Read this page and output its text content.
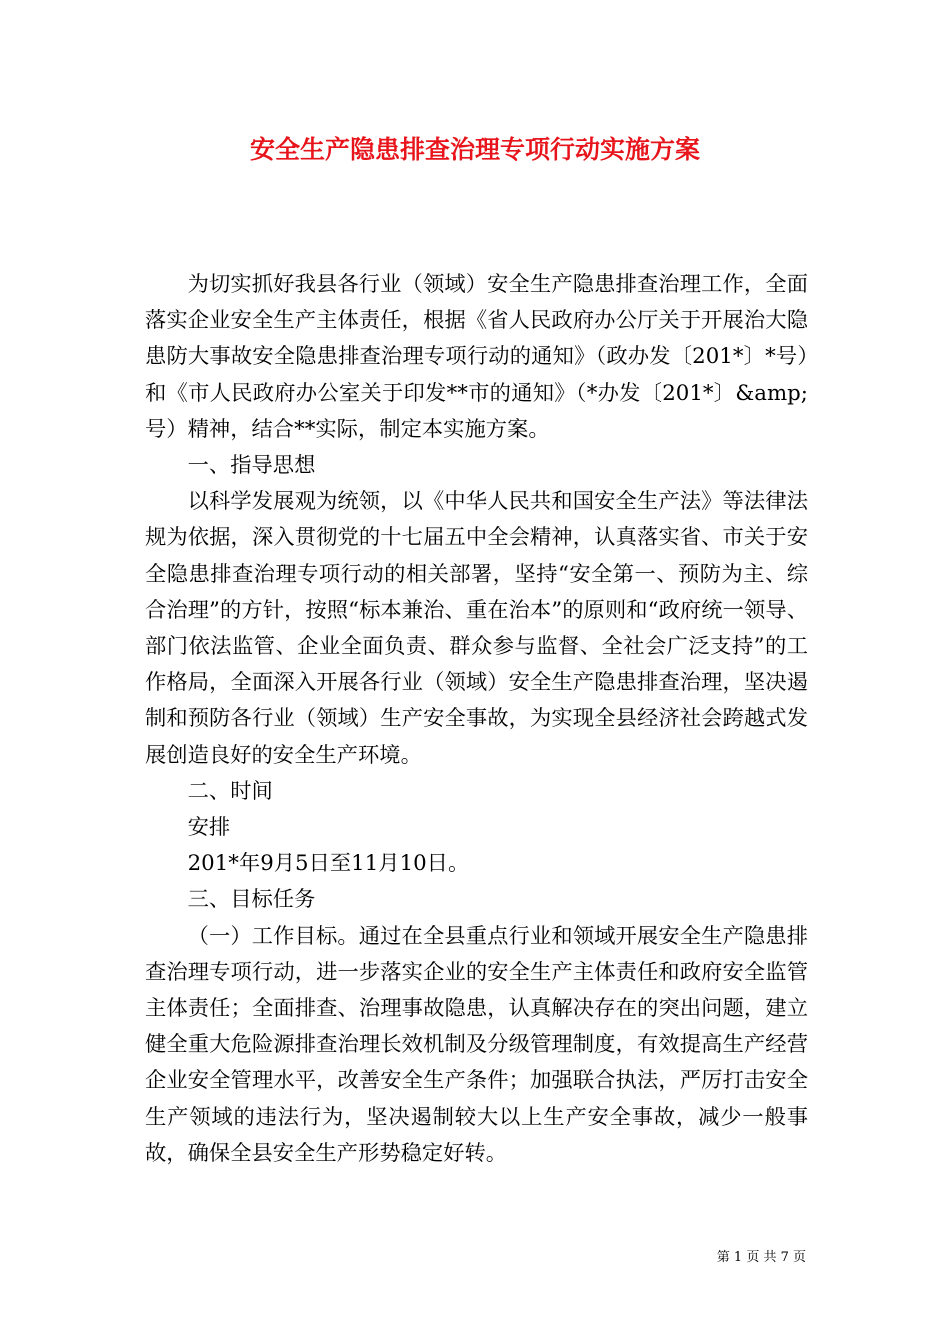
安全生产隐患排查治理专项行动实施方案

为切实抓好我县各行业（领域）安全生产隐患排查治理工作，全面落实企业安全生产主体责任，根据《省人民政府办公厅关于开展治大隐患防大事故安全隐患排查治理专项行动的通知》（政办发〔201*〕*号）和《市人民政府办公室关于印发**市的通知》（*办发〔201*〕&amp;号）精神，结合**实际，制定本实施方案。

一、指导思想

以科学发展观为统领，以《中华人民共和国安全生产法》等法律法规为依据，深入贯彻党的十七届五中全会精神，认真落实省、市关于安全隐患排查治理专项行动的相关部署，坚持“安全第一、预防为主、综合治理”的方针，按照“标本兼治、重在治本”的原则和“政府统一领导、部门依法监管、企业全面负责、群众参与监督、全社会广泛支持”的工作格局，全面深入开展各行业（领域）安全生产隐患排查治理，坚决遏制和预防各行业（领域）生产安全事故，为实现全县经济社会跨越式发展创造良好的安全生产环境。

二、时间

安排

201*年9月5日至11月10日。

三、目标任务

（一）工作目标。通过在全县重点行业和领域开展安全生产隐患排查治理专项行动，进一步落实企业的安全生产主体责任和政府安全监管主体责任；全面排查、治理事故隐患，认真解决存在的突出问题，建立健全重大危险源排查治理长效机制及分级管理制度，有效提高生产经营企业安全管理水平，改善安全生产条件；加强联合执法，严厉打击安全生产领域的违法行为，坚决遏制较大以上生产安全事故，减少一般事故，确保全县安全生产形势稳定好转。

第 1 页 共 7 页
